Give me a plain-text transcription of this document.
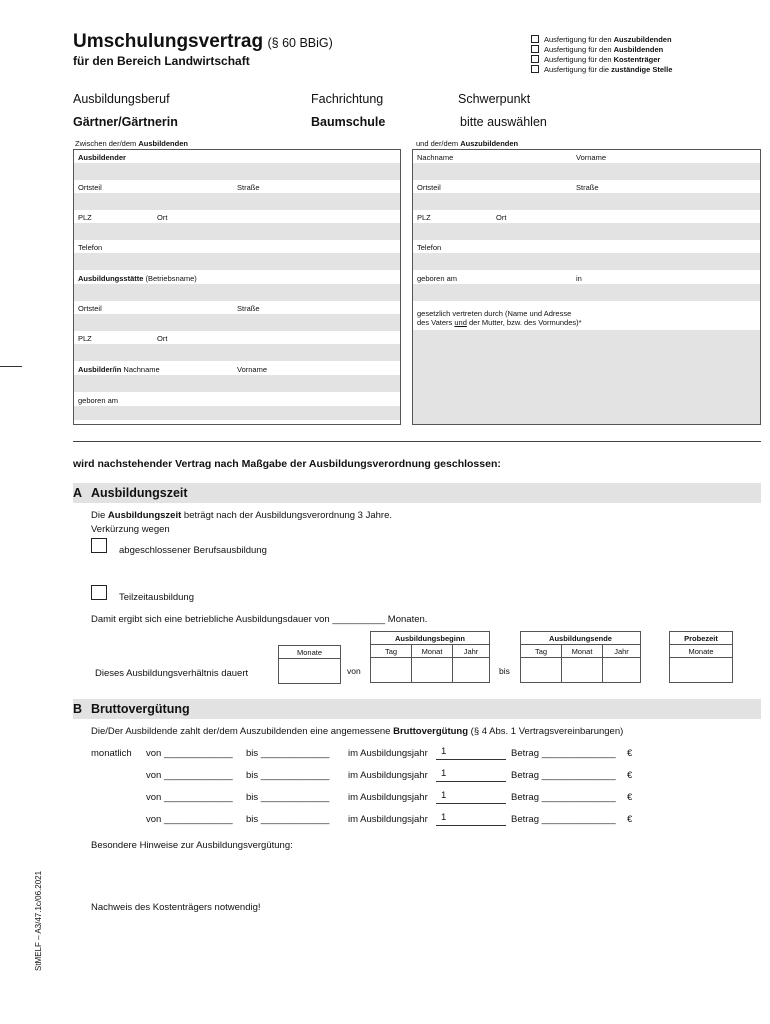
Umschulungsvertrag (§ 60 BBiG)
für den Bereich Landwirtschaft
Ausfertigung für den Auszubildenden
Ausfertigung für den Ausbildenden
Ausfertigung für den Kostenträger
Ausfertigung für die zuständige Stelle
Ausbildungsberuf
Gärtner/Gärtnerin
Fachrichtung
Baumschule
Schwerpunkt
bitte auswählen
Zwischen der/dem Ausbildenden
Ausbildender
Ortsteil	Straße
PLZ	Ort
Telefon
Ausbildungsstätte (Betriebsname)
Ortsteil	Straße
PLZ	Ort
Ausbilder/in Nachname	Vorname
geboren am
und der/dem Auszubildenden
Nachname	Vorname
Ortsteil	Straße
PLZ	Ort
Telefon
geboren am	in
gesetzlich vertreten durch (Name und Adresse
des Vaters und der Mutter, bzw. des Vormundes)*
wird nachstehender Vertrag nach Maßgabe der Ausbildungsverordnung geschlossen:
A Ausbildungszeit
Die Ausbildungszeit beträgt nach der Ausbildungsverordnung 3 Jahre.
Verkürzung wegen
abgeschlossener Berufsausbildung
Teilzeitausbildung
Damit ergibt sich eine betriebliche Ausbildungsdauer von __________ Monaten.
Dieses Ausbildungsverhältnis dauert
Monate

von
Ausbildungsbeginn		
Tag	Monat	Jahr

bis
Ausbildungsende		
Tag	Monat	Jahr

Probezeit
Monate

B Bruttovergütung
Die/Der Ausbildende zahlt der/dem Auszubildenden eine angemessene Bruttovergütung (§ 4 Abs. 1 Vertragsvereinbarungen)
monatlich von _____________ bis _____________ im Ausbildungsjahr 1	Betrag ______________ €
von _____________ bis _____________ im Ausbildungsjahr 1	Betrag ______________ €
von _____________ bis _____________ im Ausbildungsjahr 1	Betrag ______________ €
von _____________ bis _____________ im Ausbildungsjahr 1	Betrag ______________ €
Besondere Hinweise zur Ausbildungsvergütung:
Nachweis des Kostenträgers notwendig!
StMELF – A3/47.1c/06.2021
